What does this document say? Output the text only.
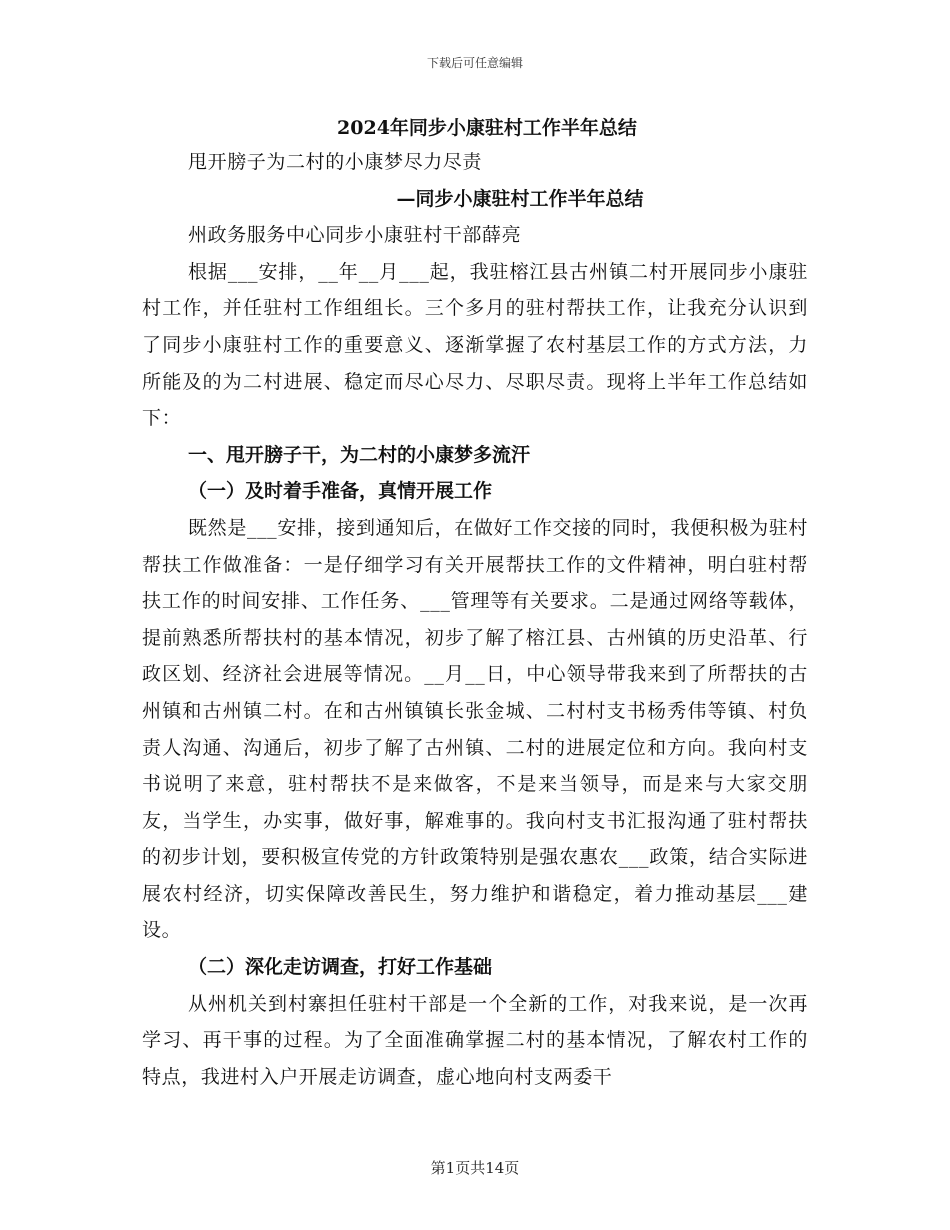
下载后可任意编辑

2024年同步小康驻村工作半年总结

甩开膀子为二村的小康梦尽力尽责

—同步小康驻村工作半年总结

州政务服务中心同步小康驻村干部薛亮

根据___安排，__年__月___起，我驻榕江县古州镇二村开展同步小康驻村工作，并任驻村工作组组长。三个多月的驻村帮扶工作，让我充分认识到了同步小康驻村工作的重要意义、逐渐掌握了农村基层工作的方式方法，力所能及的为二村进展、稳定而尽心尽力、尽职尽责。现将上半年工作总结如下：

一、甩开膀子干，为二村的小康梦多流汗

（一）及时着手准备，真情开展工作

既然是___安排，接到通知后，在做好工作交接的同时，我便积极为驻村帮扶工作做准备：一是仔细学习有关开展帮扶工作的文件精神，明白驻村帮扶工作的时间安排、工作任务、___管理等有关要求。二是通过网络等载体，提前熟悉所帮扶村的基本情况，初步了解了榕江县、古州镇的历史沿革、行政区划、经济社会进展等情况。__月__日，中心领导带我来到了所帮扶的古州镇和古州镇二村。在和古州镇镇长张金城、二村村支书杨秀伟等镇、村负责人沟通、沟通后，初步了解了古州镇、二村的进展定位和方向。我向村支书说明了来意，驻村帮扶不是来做客，不是来当领导，而是来与大家交朋友，当学生，办实事，做好事，解难事的。我向村支书汇报沟通了驻村帮扶的初步计划，要积极宣传党的方针政策特别是强农惠农___政策，结合实际进展农村经济，切实保障改善民生，努力维护和谐稳定，着力推动基层___建设。

（二）深化走访调查，打好工作基础

从州机关到村寨担任驻村干部是一个全新的工作，对我来说，是一次再学习、再干事的过程。为了全面准确掌握二村的基本情况，了解农村工作的特点，我进村入户开展走访调查，虚心地向村支两委干

第1页共14页
